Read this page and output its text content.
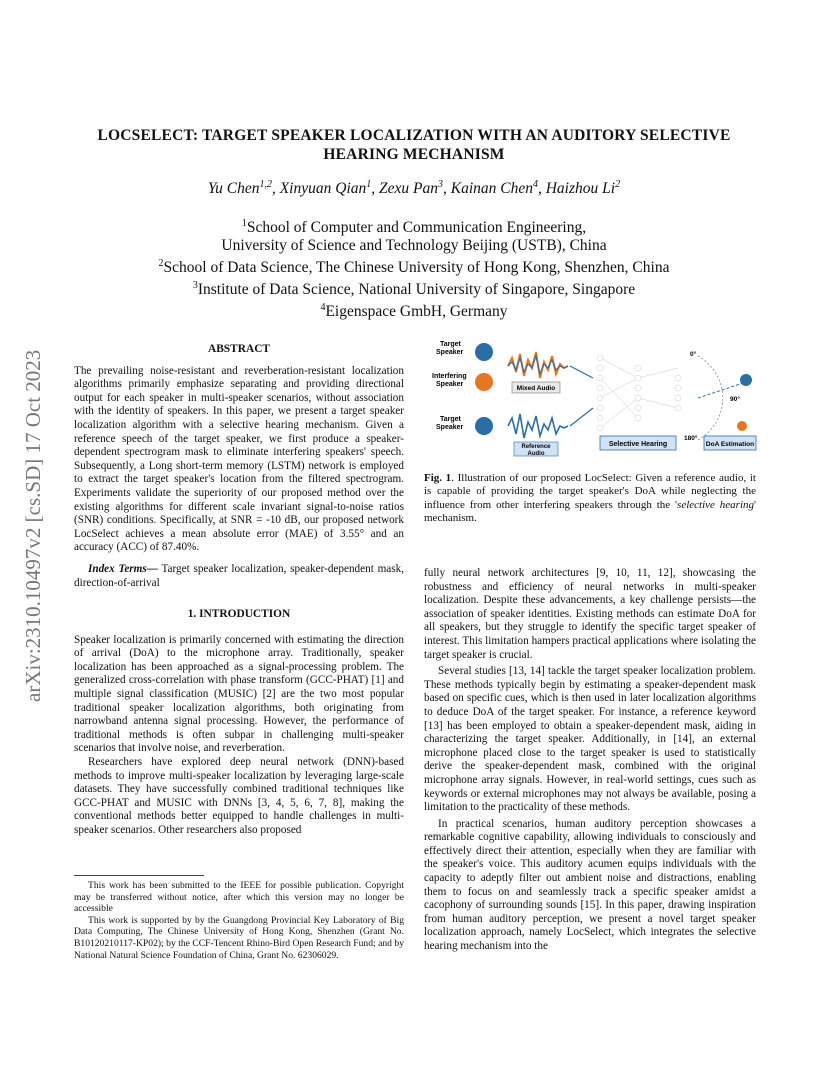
arXiv:2310.10497v2 [cs.SD] 17 Oct 2023
LOCSELECT: TARGET SPEAKER LOCALIZATION WITH AN AUDITORY SELECTIVE
HEARING MECHANISM
Yu Chen$^{1,2}$, Xinyuan Qian$^1$, Zexu Pan$^3$, Kainan Chen$^4$, Haizhou Li$^2$
$^1$School of Computer and Communication Engineering,
University of Science and Technology Beijing (USTB), China
$^2$School of Data Science, The Chinese University of Hong Kong, Shenzhen, China
$^3$Institute of Data Science, National University of Singapore, Singapore
$^4$Eigenspace GmbH, Germany
ABSTRACT

The prevailing noise-resistant and reverberation-resistant localization algorithms primarily emphasize separating and providing directional output for each speaker in multi-speaker scenarios, without association with the identity of speakers. In this paper, we present a target speaker localization algorithm with a selective hearing mechanism. Given a reference speech of the target speaker, we first produce a speaker-dependent spectrogram mask to eliminate interfering speakers' speech. Subsequently, a Long short-term memory (LSTM) network is employed to extract the target speaker's location from the filtered spectrogram. Experiments validate the superiority of our proposed method over the existing algorithms for different scale invariant signal-to-noise ratios (SNR) conditions. Specifically, at SNR = -10 dB, our proposed network LocSelect achieves a mean absolute error (MAE) of 3.55° and an accuracy (ACC) of 87.40%.

Index Terms— Target speaker localization, speaker-dependent mask, direction-of-arrival

1. INTRODUCTION

Speaker localization is primarily concerned with estimating the direction of arrival (DoA) to the microphone array. Traditionally, speaker localization has been approached as a signal-processing problem. The generalized cross-correlation with phase transform (GCC-PHAT) [1] and multiple signal classification (MUSIC) [2] are the two most popular traditional speaker localization algorithms, both originating from narrowband antenna signal processing. However, the performance of traditional methods is often subpar in challenging multi-speaker scenarios that involve noise, and reverberation.

Researchers have explored deep neural network (DNN)-based methods to improve multi-speaker localization by leveraging large-scale datasets. They have successfully combined traditional techniques like GCC-PHAT and MUSIC with DNNs [3, 4, 5, 6, 7, 8], making the conventional methods better equipped to handle challenges in multi-speaker scenarios. Other researchers also proposed

This work has been submitted to the IEEE for possible publication. Copyright may be transferred without notice, after which this version may no longer be accessible

This work is supported by by the Guangdong Provincial Key Laboratory of Big Data Computing, The Chinese University of Hong Kong, Shenzhen (Grant No. B10120210117-KP02); by the CCF-Tencent Rhino-Bird Open Research Fund; and by National Natural Science Foundation of China, Grant No. 62306029.

Target Speaker
Interfering Speaker
Target Speaker
Mixed Audio
Reference Audio
Selective Hearing
0°
90°
180°
DoA Estimation
Fig. 1. Illustration of our proposed LocSelect: Given a reference audio, it is capable of providing the target speaker's DoA while neglecting the influence from other interfering speakers through the 'selective hearing' mechanism.

fully neural network architectures [9, 10, 11, 12], showcasing the robustness and efficiency of neural networks in multi-speaker localization. Despite these advancements, a key challenge persists—the association of speaker identities. Existing methods can estimate DoA for all speakers, but they struggle to identify the specific target speaker of interest. This limitation hampers practical applications where isolating the target speaker is crucial.

Several studies [13, 14] tackle the target speaker localization problem. These methods typically begin by estimating a speaker-dependent mask based on specific cues, which is then used in later localization algorithms to deduce DoA of the target speaker. For instance, a reference keyword [13] has been employed to obtain a speaker-dependent mask, aiding in characterizing the target speaker. Additionally, in [14], an external microphone placed close to the target speaker is used to statistically derive the speaker-dependent mask, combined with the original microphone array signals. However, in real-world settings, cues such as keywords or external microphones may not always be available, posing a limitation to the practicality of these methods.

In practical scenarios, human auditory perception showcases a remarkable cognitive capability, allowing individuals to consciously and effectively direct their attention, especially when they are familiar with the speaker's voice. This auditory acumen equips individuals with the capacity to adeptly filter out ambient noise and distractions, enabling them to focus on and seamlessly track a specific speaker amidst a cacophony of surrounding sounds [15]. In this paper, drawing inspiration from human auditory perception, we present a novel target speaker localization approach, namely LocSelect, which integrates the selective hearing mechanism into the
